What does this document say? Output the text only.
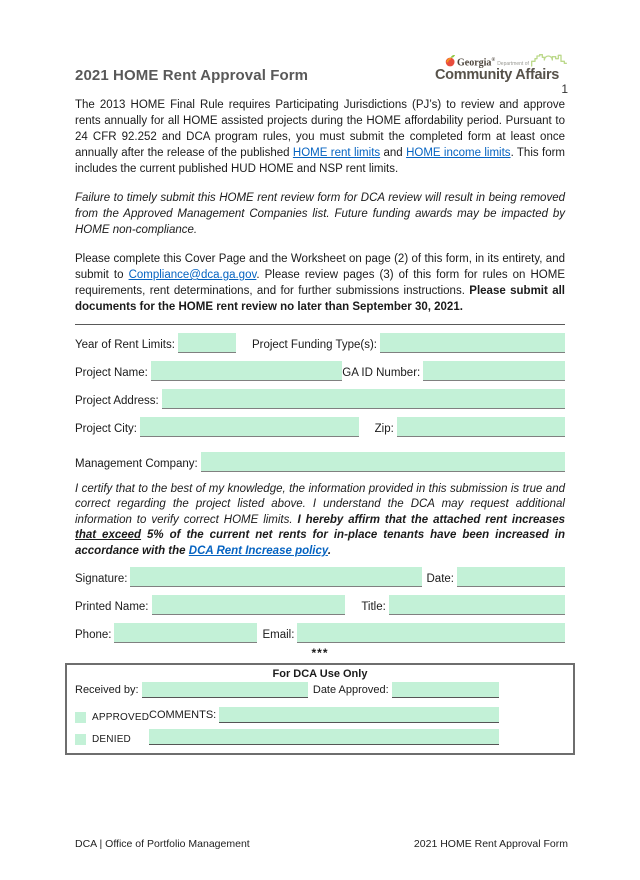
1
2021 HOME Rent Approval Form
Georgia®
Department of
Community Affairs

The 2013 HOME Final Rule requires Participating Jurisdictions (PJ’s) to review and approve rents annually for all HOME assisted projects during the HOME affordability period. Pursuant to 24 CFR 92.252 and DCA program rules, you must submit the completed form at least once annually after the release of the published HOME rent limits and HOME income limits. This form includes the current published HUD HOME and NSP rent limits.

Failure to timely submit this HOME rent review form for DCA review will result in being removed from the Approved Management Companies list. Future funding awards may be impacted by HOME non-compliance.

Please complete this Cover Page and the Worksheet on page (2) of this form, in its entirety, and submit to Compliance@dca.ga.gov. Please review pages (3) of this form for rules on HOME requirements, rent determinations, and for further submissions instructions. Please submit all documents for the HOME rent review no later than September 30, 2021.

Year of Rent Limits:	Project Funding Type(s):
Project Name:	GA ID Number:
Project Address:
Project City:	Zip:
Management Company:

I certify that to the best of my knowledge, the information provided in this submission is true and correct regarding the project listed above. I understand the DCA may request additional information to verify correct HOME limits. I hereby affirm that the attached rent increases that exceed 5% of the current net rents for in-place tenants have been increased in accordance with the DCA Rent Increase policy.

Signature:	Date:
Printed Name:	Title:
Phone:	Email:
***
For DCA Use Only
Received by:	Date Approved:
APPROVED COMMENTS:
DENIED
DCA | Office of Portfolio Management	2021 HOME Rent Approval Form
